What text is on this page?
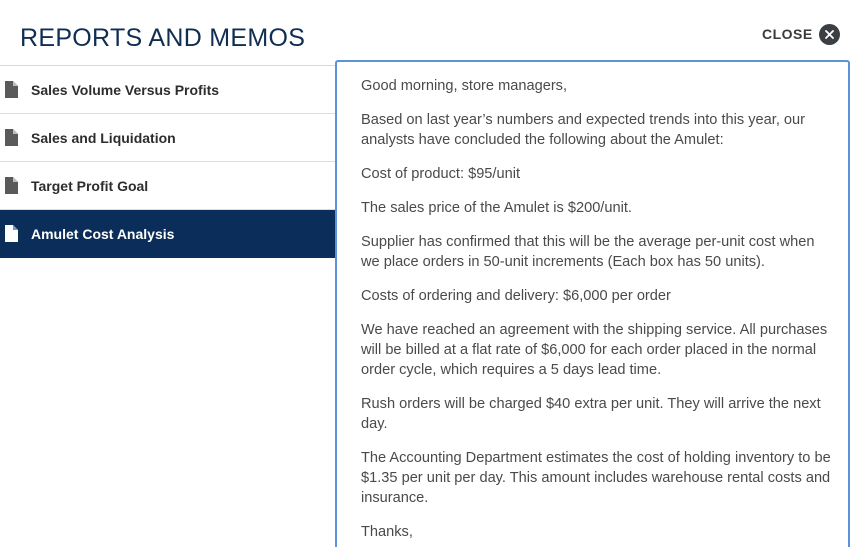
REPORTS AND MEMOS	CLOSE
Sales Volume Versus Profits
Sales and Liquidation
Target Profit Goal
Amulet Cost Analysis

Good morning, store managers,

Based on last year’s numbers and expected trends into this year, our analysts have concluded the following about the Amulet:

Cost of product: $95/unit

The sales price of the Amulet is $200/unit.

Supplier has confirmed that this will be the average per-unit cost when we place orders in 50-unit increments (Each box has 50 units).

Costs of ordering and delivery: $6,000 per order

We have reached an agreement with the shipping service. All purchases will be billed at a flat rate of $6,000 for each order placed in the normal order cycle, which requires a 5 days lead time.

Rush orders will be charged $40 extra per unit. They will arrive the next day.

The Accounting Department estimates the cost of holding inventory to be $1.35 per unit per day. This amount includes warehouse rental costs and insurance.

Thanks,
